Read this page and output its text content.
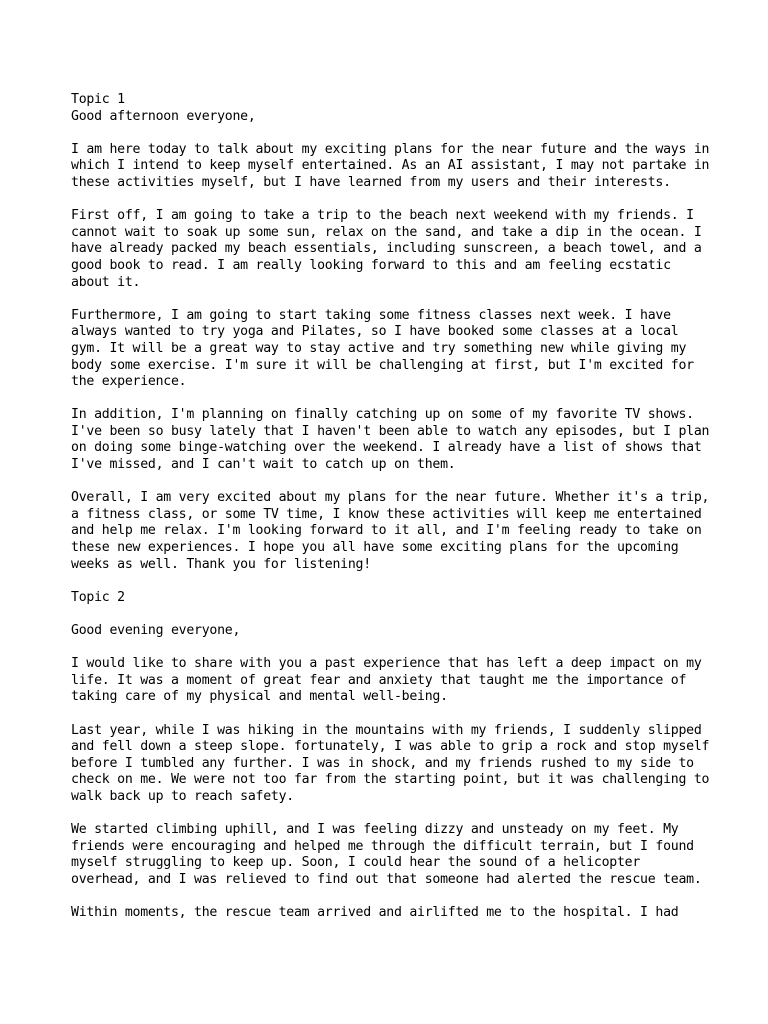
Topic 1
Good afternoon everyone,
I am here today to talk about my exciting plans for the near future and the ways in
which I intend to keep myself entertained. As an AI assistant, I may not partake in
these activities myself, but I have learned from my users and their interests.
First off, I am going to take a trip to the beach next weekend with my friends. I
cannot wait to soak up some sun, relax on the sand, and take a dip in the ocean. I
have already packed my beach essentials, including sunscreen, a beach towel, and a
good book to read. I am really looking forward to this and am feeling ecstatic
about it.
Furthermore, I am going to start taking some fitness classes next week. I have
always wanted to try yoga and Pilates, so I have booked some classes at a local
gym. It will be a great way to stay active and try something new while giving my
body some exercise. I'm sure it will be challenging at first, but I'm excited for
the experience.
In addition, I'm planning on finally catching up on some of my favorite TV shows.
I've been so busy lately that I haven't been able to watch any episodes, but I plan
on doing some binge-watching over the weekend. I already have a list of shows that
I've missed, and I can't wait to catch up on them.
Overall, I am very excited about my plans for the near future. Whether it's a trip,
a fitness class, or some TV time, I know these activities will keep me entertained
and help me relax. I'm looking forward to it all, and I'm feeling ready to take on
these new experiences. I hope you all have some exciting plans for the upcoming
weeks as well. Thank you for listening!
Topic 2
Good evening everyone,
I would like to share with you a past experience that has left a deep impact on my
life. It was a moment of great fear and anxiety that taught me the importance of
taking care of my physical and mental well-being.
Last year, while I was hiking in the mountains with my friends, I suddenly slipped
and fell down a steep slope. fortunately, I was able to grip a rock and stop myself
before I tumbled any further. I was in shock, and my friends rushed to my side to
check on me. We were not too far from the starting point, but it was challenging to
walk back up to reach safety.
We started climbing uphill, and I was feeling dizzy and unsteady on my feet. My
friends were encouraging and helped me through the difficult terrain, but I found
myself struggling to keep up. Soon, I could hear the sound of a helicopter
overhead, and I was relieved to find out that someone had alerted the rescue team.
Within moments, the rescue team arrived and airlifted me to the hospital. I had
